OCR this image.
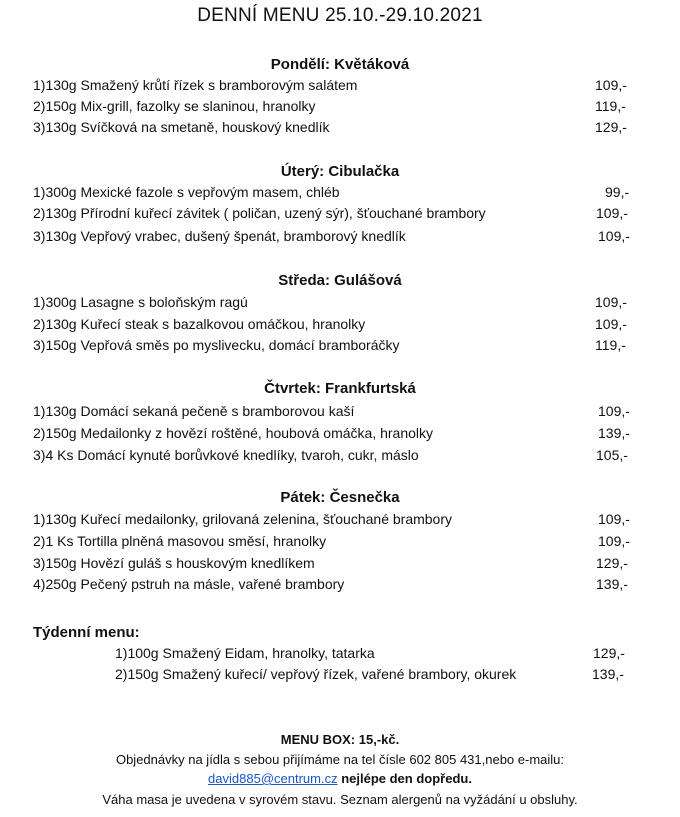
DENNÍ MENU 25.10.-29.10.2021
Pondělí: Květáková
1)130g Smažený krůtí řízek s bramborovým salátem	109,-
2)150g Mix-grill, fazolky se slaninou, hranolky	119,-
3)130g Svíčková na smetaně, houskový knedlík	129,-
Úterý: Cibulačka
1)300g Mexické fazole s vepřovým masem, chléb	99,-
2)130g Přírodní kuřecí závitek ( poličan, uzený sýr), šťouchané brambory	109,-
3)130g Vepřový vrabec, dušený špenát, bramborový knedlík	109,-
Středa: Gulášová
1)300g Lasagne s boloňským ragú	109,-
2)130g Kuřecí steak s bazalkovou omáčkou, hranolky	109,-
3)150g Vepřová směs po myslivecku, domácí bramboráčky	119,-
Čtvrtek: Frankfurtská
1)130g Domácí sekaná pečeně s bramborovou kaší	109,-
2)150g Medailonky z hovězí roštěné, houbová omáčka, hranolky	139,-
3)4 Ks Domácí kynuté borůvkové knedlíky, tvaroh, cukr, máslo	105,-
Pátek: Česnečka
1)130g Kuřecí medailonky, grilovaná zelenina, šťouchané brambory	109,-
2)1 Ks Tortilla plněná masovou směsí, hranolky	109,-
3)150g Hovězí guláš s houskovým knedlíkem	129,-
4)250g Pečený pstruh na másle, vařené brambory	139,-
Týdenní menu:
1)100g Smažený Eidam, hranolky, tatarka	129,-
2)150g Smažený kuřecí/ vepřový řízek, vařené brambory, okurek	139,-
MENU BOX: 15,-kč.
Objednávky na jídla s sebou přijímáme na tel čísle 602 805 431,nebo e-mailu:
david885@centrum.cz nejlépe den dopředu.
Váha masa je uvedena v syrovém stavu. Seznam alergenů na vyžádání u obsluhy.
